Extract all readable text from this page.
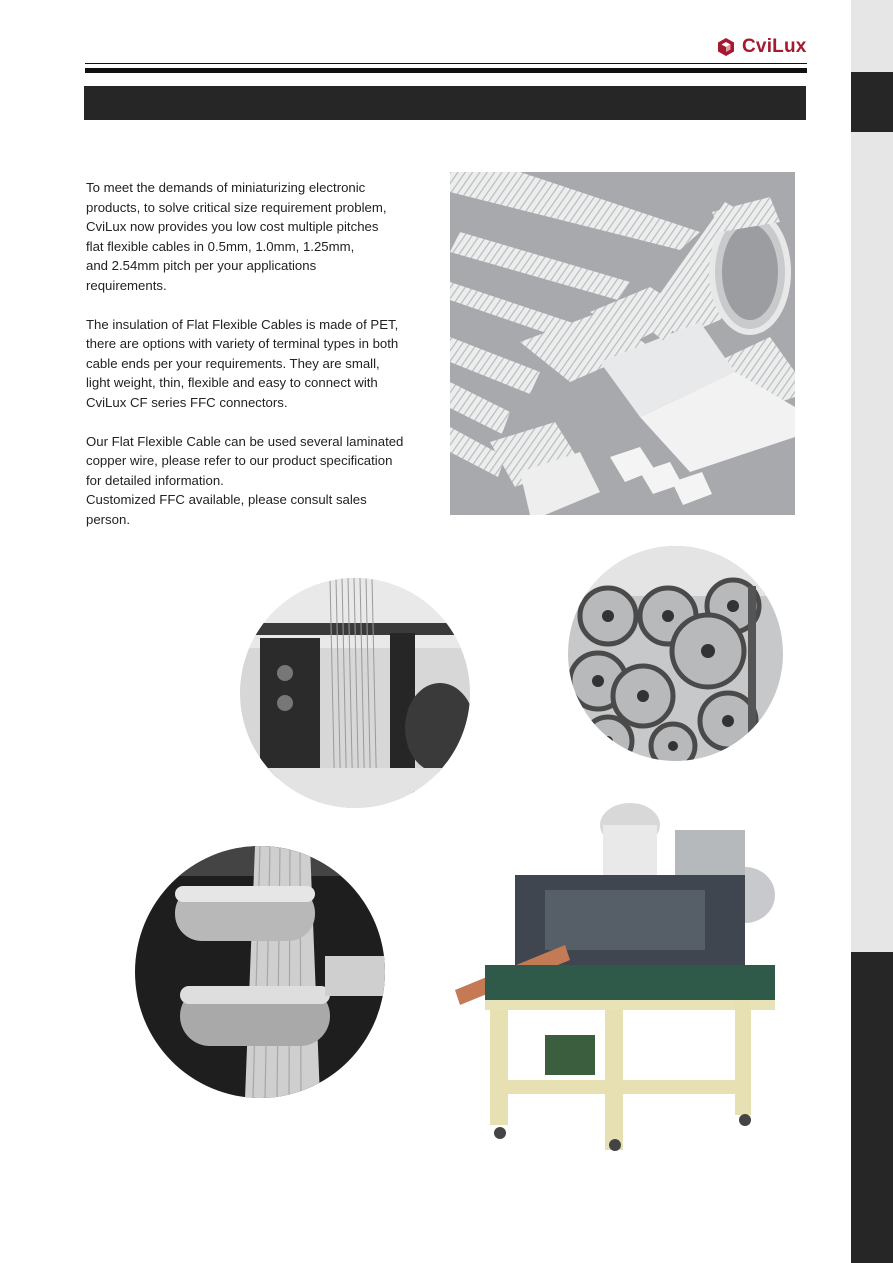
CviLux

To meet the demands of miniaturizing electronic
products, to solve critical size requirement problem,
CviLux now provides you low cost multiple pitches
flat flexible cables in 0.5mm, 1.0mm, 1.25mm,
and 2.54mm pitch per your applications
requirements.

The insulation of Flat Flexible Cables is made of PET,
there are options with variety of terminal types in both
cable ends per your requirements. They are small,
light weight, thin, flexible and easy to connect with
CviLux CF series FFC connectors.

Our Flat Flexible Cable can be used several laminated
copper wire, please refer to our product specification
for detailed information.

Customized FFC available, please consult sales
person.
